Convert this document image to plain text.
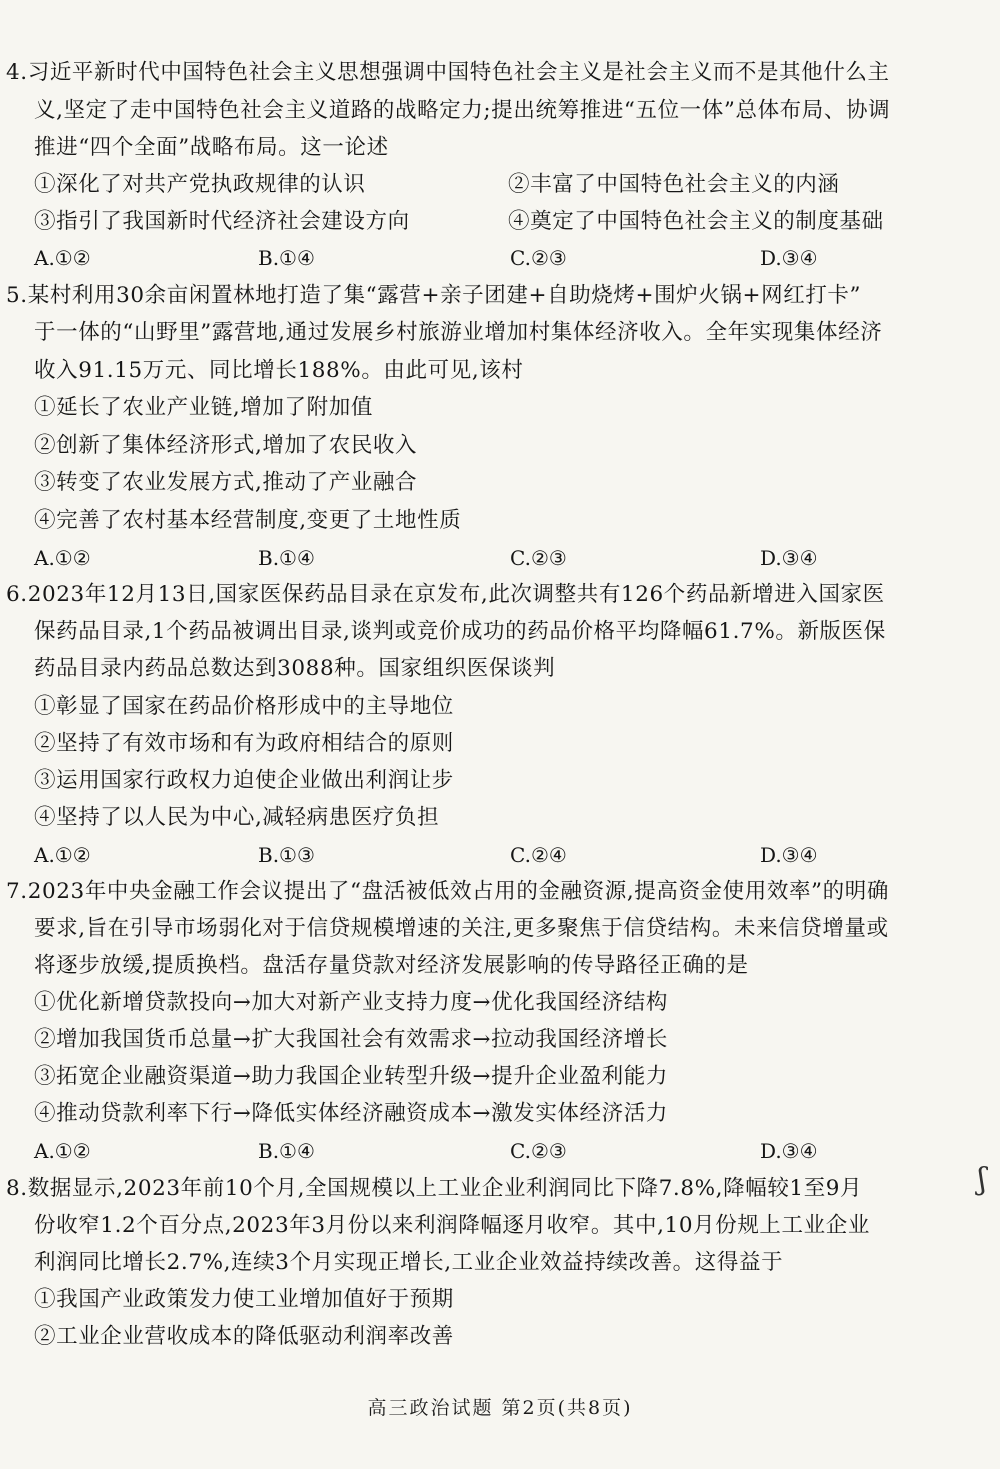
4.习近平新时代中国特色社会主义思想强调中国特色社会主义是社会主义而不是其他什么主
义,坚定了走中国特色社会主义道路的战略定力;提出统筹推进“五位一体”总体布局、协调
推进“四个全面”战略布局。这一论述
①深化了对共产党执政规律的认识	②丰富了中国特色社会主义的内涵
③指引了我国新时代经济社会建设方向	④奠定了中国特色社会主义的制度基础
A.①②	B.①④	C.②③	D.③④
5.某村利用30余亩闲置林地打造了集“露营+亲子团建+自助烧烤+围炉火锅+网红打卡”
于一体的“山野里”露营地,通过发展乡村旅游业增加村集体经济收入。全年实现集体经济
收入91.15万元、同比增长188%。由此可见,该村
①延长了农业产业链,增加了附加值
②创新了集体经济形式,增加了农民收入
③转变了农业发展方式,推动了产业融合
④完善了农村基本经营制度,变更了土地性质
A.①②	B.①④	C.②③	D.③④
6.2023年12月13日,国家医保药品目录在京发布,此次调整共有126个药品新增进入国家医
保药品目录,1个药品被调出目录,谈判或竞价成功的药品价格平均降幅61.7%。新版医保
药品目录内药品总数达到3088种。国家组织医保谈判
①彰显了国家在药品价格形成中的主导地位
②坚持了有效市场和有为政府相结合的原则
③运用国家行政权力迫使企业做出利润让步
④坚持了以人民为中心,减轻病患医疗负担
A.①②	B.①③	C.②④	D.③④
7.2023年中央金融工作会议提出了“盘活被低效占用的金融资源,提高资金使用效率”的明确
要求,旨在引导市场弱化对于信贷规模增速的关注,更多聚焦于信贷结构。未来信贷增量或
将逐步放缓,提质换档。盘活存量贷款对经济发展影响的传导路径正确的是
①优化新增贷款投向→加大对新产业支持力度→优化我国经济结构
②增加我国货币总量→扩大我国社会有效需求→拉动我国经济增长
③拓宽企业融资渠道→助力我国企业转型升级→提升企业盈利能力
④推动贷款利率下行→降低实体经济融资成本→激发实体经济活力
A.①②	B.①④	C.②③	D.③④
8.数据显示,2023年前10个月,全国规模以上工业企业利润同比下降7.8%,降幅较1至9月
份收窄1.2个百分点,2023年3月份以来利润降幅逐月收窄。其中,10月份规上工业企业
利润同比增长2.7%,连续3个月实现正增长,工业企业效益持续改善。这得益于
①我国产业政策发力使工业增加值好于预期
②工业企业营收成本的降低驱动利润率改善
ʃ
高三政治试题 第2页(共8页)
